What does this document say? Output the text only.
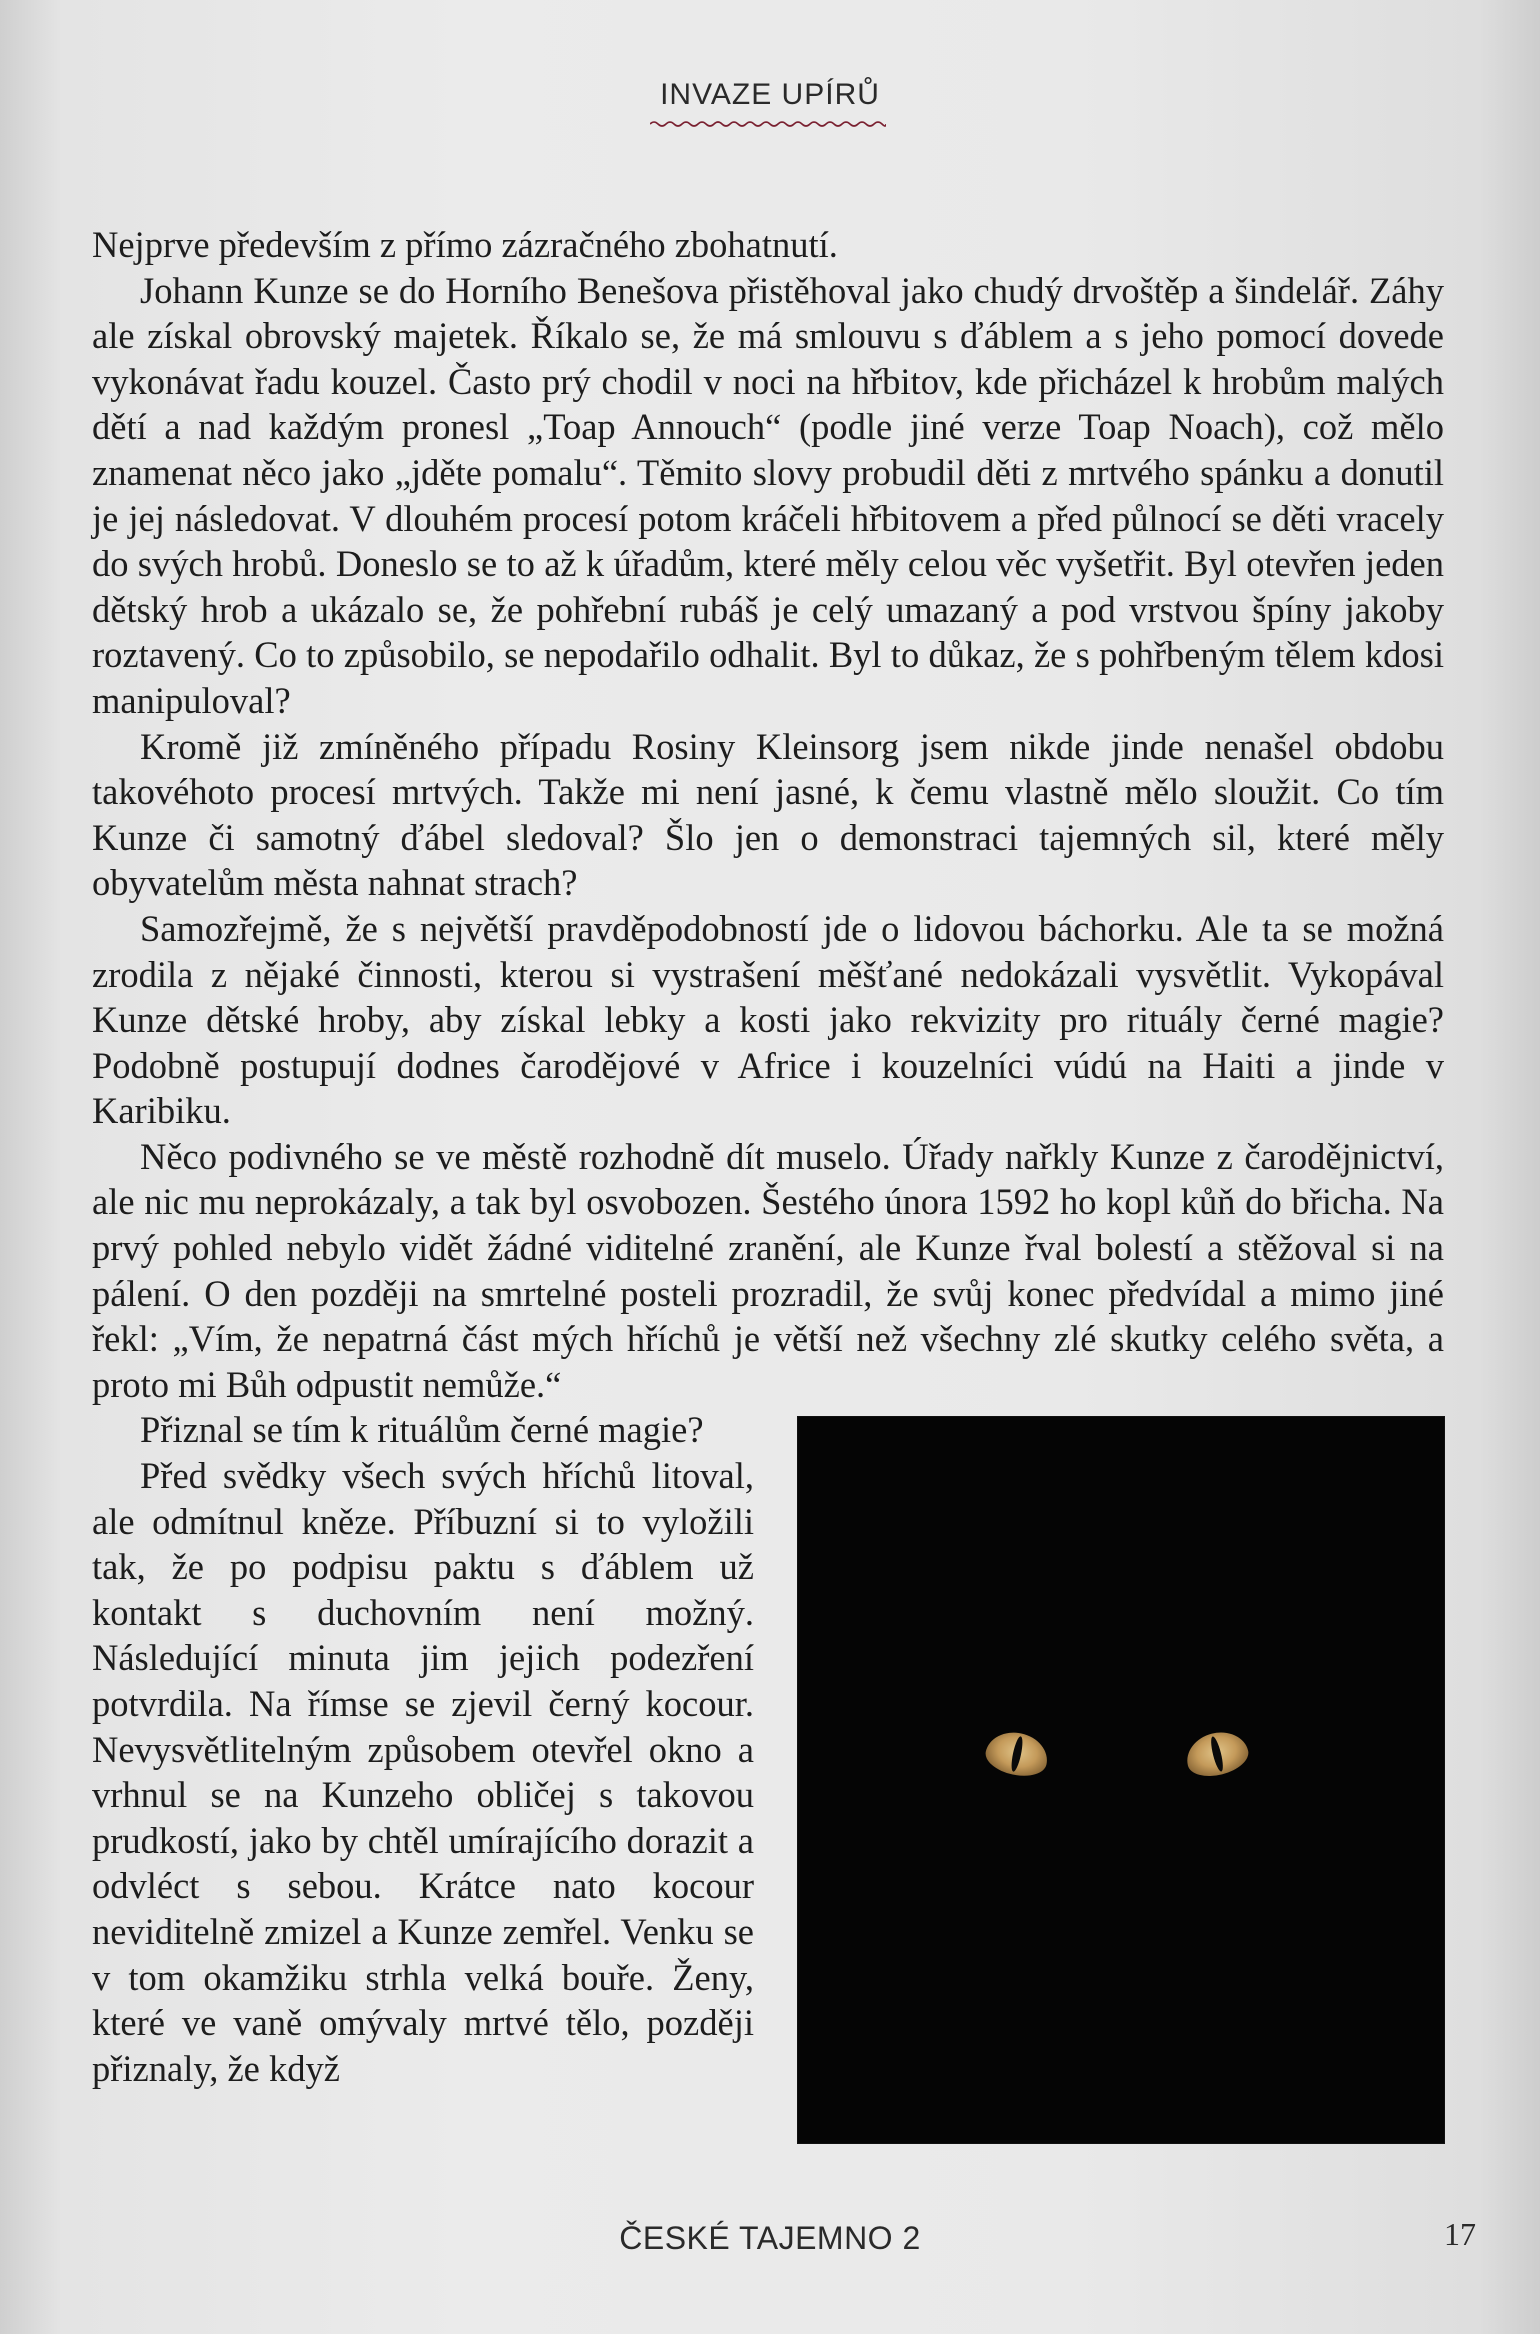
INVAZE UPÍRŮ

Nejprve především z přímo zázračného zbohatnutí.

Johann Kunze se do Horního Benešova přistěhoval jako chudý drvoštěp a šindelář. Záhy ale získal obrovský majetek. Říkalo se, že má smlouvu s ďáblem a s jeho pomocí dovede vykonávat řadu kouzel. Často prý chodil v noci na hřbitov, kde přicházel k hrobům malých dětí a nad každým pronesl „Toap Annouch“ (podle jiné verze Toap Noach), což mělo znamenat něco jako „jděte pomalu“. Těmito slovy probudil děti z mrtvého spánku a donutil je jej následovat. V dlouhém procesí potom kráčeli hřbitovem a před půlnocí se děti vracely do svých hrobů. Doneslo se to až k úřadům, které měly celou věc vyšetřit. Byl otevřen jeden dětský hrob a ukázalo se, že pohřební rubáš je celý umazaný a pod vrstvou špíny jakoby roztavený. Co to způsobilo, se nepodařilo odhalit. Byl to důkaz, že s pohřbeným tělem kdosi manipuloval?

Kromě již zmíněného případu Rosiny Kleinsorg jsem nikde jinde nenašel obdobu takovéhoto procesí mrtvých. Takže mi není jasné, k čemu vlastně mělo sloužit. Co tím Kunze či samotný ďábel sledoval? Šlo jen o demonstraci tajemných sil, které měly obyvatelům města nahnat strach?

Samozřejmě, že s největší pravděpodobností jde o lidovou báchorku. Ale ta se možná zrodila z nějaké činnosti, kterou si vystrašení měšťané nedokázali vysvětlit. Vykopával Kunze dětské hroby, aby získal lebky a kosti jako rekvizity pro rituály černé magie? Podobně postupují dodnes čarodějové v Africe i kouzelníci vúdú na Haiti a jinde v Karibiku.

Něco podivného se ve městě rozhodně dít muselo. Úřady nařkly Kunze z čarodějnictví, ale nic mu neprokázaly, a tak byl osvobozen. Šestého února 1592 ho kopl kůň do břicha. Na prvý pohled nebylo vidět žádné viditelné zranění, ale Kunze řval bolestí a stěžoval si na pálení. O den později na smrtelné posteli prozradil, že svůj konec předvídal a mimo jiné řekl: „Vím, že nepatrná část mých hříchů je větší než všechny zlé skutky celého světa, a proto mi Bůh odpustit nemůže.“

Přiznal se tím k rituálům černé magie?

Před svědky všech svých hříchů litoval, ale odmítnul kněze. Příbuzní si to vyložili tak, že po podpisu paktu s ďáblem už kontakt s duchovním není možný. Následující minuta jim jejich podezření potvrdila. Na římse se zjevil černý kocour. Nevysvětlitelným způsobem otevřel okno a vrhnul se na Kunzeho obličej s takovou prudkostí, jako by chtěl umírajícího dorazit a odvléct s sebou. Krátce nato kocour neviditelně zmizel a Kunze zemřel. Venku se v tom okamžiku strhla velká bouře. Ženy, které ve vaně omývaly mrtvé tělo, později přiznaly, že když

ČESKÉ TAJEMNO 2	17
